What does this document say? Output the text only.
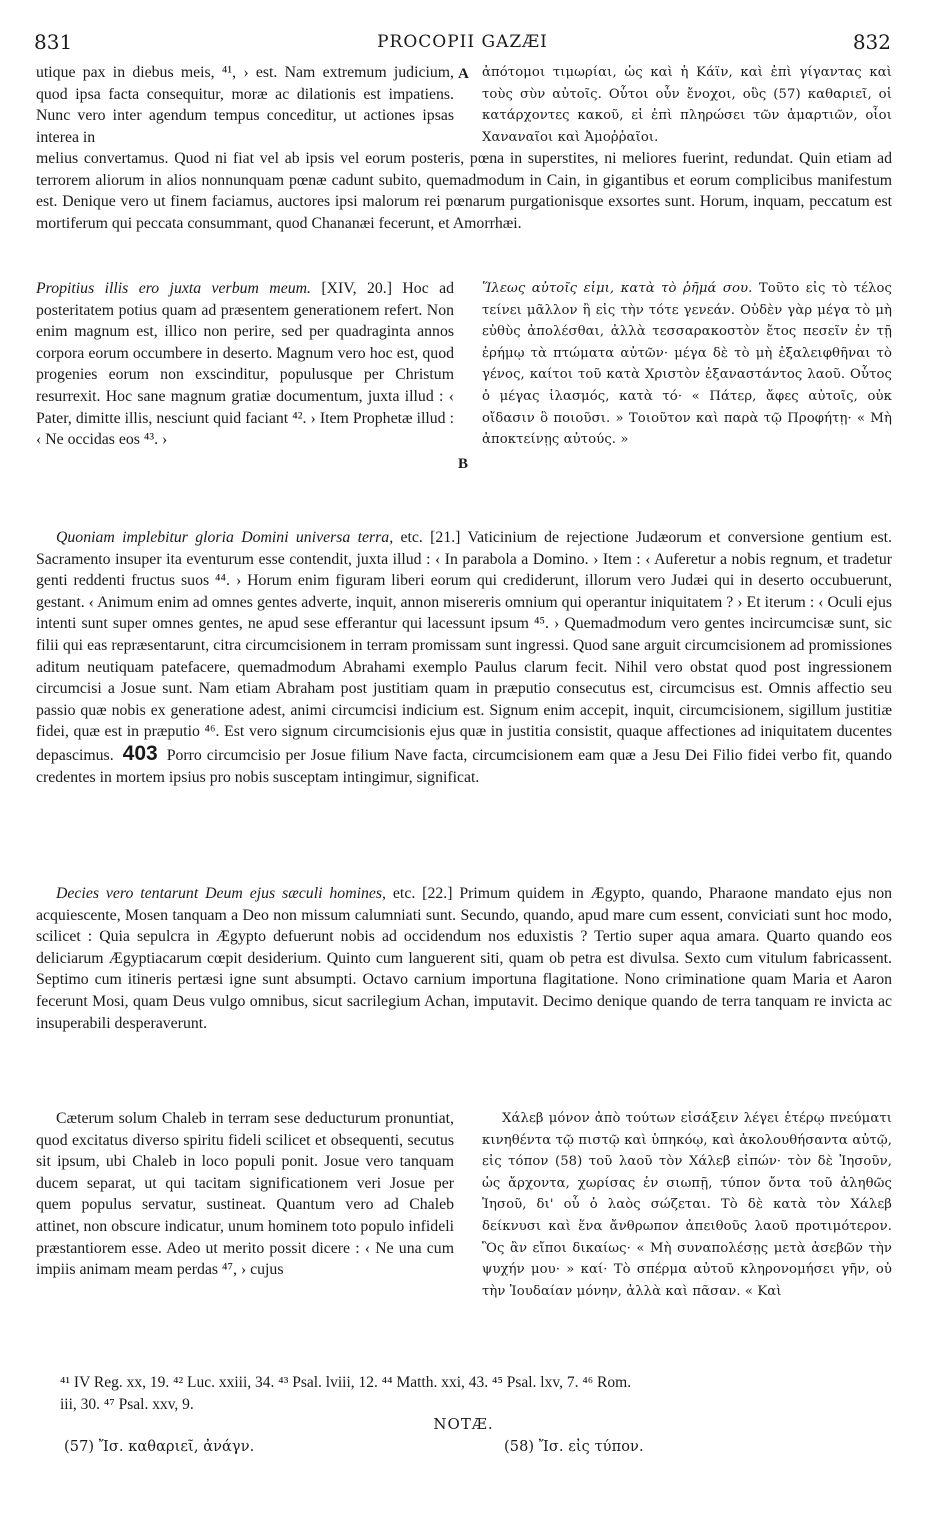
831	PROCOPII GAZÆI	832

utique pax in diebus meis, ⁴¹, › est. Nam extremum judicium, quod ipsa facta consequitur, moræ ac dilationis est impatiens. Nunc vero inter agendum tempus conceditur, ut actiones ipsas interea in

A ἀπότομοι τιμωρίαι, ὡς καὶ ἡ Κάϊν, καὶ ἐπὶ γίγαντας καὶ τοὺς σὺν αὐτοῖς. Οὗτοι οὖν ἔνοχοι, οὓς (57) καθαριεῖ, οἱ κατάρχοντες κακοῦ, εἰ ἐπὶ πληρώσει τῶν ἁμαρτιῶν, οἷοι Χαναναῖοι καὶ Ἀμοῤῥαῖοι.

melius convertamus. Quod ni fiat vel ab ipsis vel eorum posteris, pœna in superstites, ni meliores fuerint, redundat. Quin etiam ad terrorem aliorum in alios nonnunquam pœnæ cadunt subito, quemadmodum in Cain, in gigantibus et eorum complicibus manifestum est. Denique vero ut finem faciamus, auctores ipsi malorum rei pœnarum purgationisque exsortes sunt. Horum, inquam, peccatum est mortiferum qui peccata consummant, quod Chananæi fecerunt, et Amorrhæi.

Propitius illis ero juxta verbum meum. [XIV, 20.] Hoc ad posteritatem potius quam ad præsentem generationem refert. Non enim magnum est, illico non perire, sed per quadraginta annos corpora eorum occumbere in deserto. Magnum vero hoc est, quod progenies eorum non exscinditur, populusque per Christum resurrexit. Hoc sane magnum gratiæ documentum, juxta illud : ‹ Pater, dimitte illis, nesciunt quid faciant ⁴². › Item Prophetæ illud : ‹ Ne occidas eos ⁴³. ›

B

Ἵλεως αὐτοῖς εἰμι, κατὰ τὸ ῥῆμά σου. Τοῦτο εἰς τὸ τέλος τείνει μᾶλλον ἢ εἰς τὴν τότε γενεάν. Οὐδὲν γὰρ μέγα τὸ μὴ εὐθὺς ἀπολέσθαι, ἀλλὰ τεσσαρακοστὸν ἔτος πεσεῖν ἐν τῇ ἐρήμῳ τὰ πτώματα αὐτῶν· μέγα δὲ τὸ μὴ ἐξαλειφθῆναι τὸ γένος, καίτοι τοῦ κατὰ Χριστὸν ἐξαναστάντος λαοῦ. Οὗτος ὁ μέγας ἱλασμός, κατὰ τό· « Πάτερ, ἄφες αὐτοῖς, οὐκ οἴδασιν ὃ ποιοῦσι. » Τοιοῦτον καὶ παρὰ τῷ Προφήτῃ· « Μὴ ἀποκτείνῃς αὐτούς. »

Quoniam implebitur gloria Domini universa terra, etc. [21.] Vaticinium de rejectione Judæorum et conversione gentium est. Sacramento insuper ita eventurum esse contendit, juxta illud : ‹ In parabola a Domino. › Item : ‹ Auferetur a nobis regnum, et tradetur genti reddenti fructus suos ⁴⁴. › Horum enim figuram liberi eorum qui crediderunt, illorum vero Judæi qui in deserto occubuerunt, gestant. ‹ Animum enim ad omnes gentes adverte, inquit, annon misereris omnium qui operantur iniquitatem ? › Et iterum : ‹ Oculi ejus intenti sunt super omnes gentes, ne apud sese efferantur qui lacessunt ipsum ⁴⁵. › Quemadmodum vero gentes incircumcisæ sunt, sic filii qui eas repræsentarunt, citra circumcisionem in terram promissam sunt ingressi. Quod sane arguit circumcisionem ad promissiones aditum neutiquam patefacere, quemadmodum Abrahami exemplo Paulus clarum fecit. Nihil vero obstat quod post ingressionem circumcisi a Josue sunt. Nam etiam Abraham post justitiam quam in præputio consecutus est, circumcisus est. Omnis affectio seu passio quæ nobis ex generatione adest, animi circumcisi indicium est. Signum enim accepit, inquit, circumcisionem, sigillum justitiæ fidei, quæ est in præputio ⁴⁶. Est vero signum circumcisionis ejus quæ in justitia consistit, quaque affectiones ad iniquitatem ducentes depascimus. 403 Porro circumcisio per Josue filium Nave facta, circumcisionem eam quæ a Jesu Dei Filio fidei verbo fit, quando credentes in mortem ipsius pro nobis susceptam intingimur, significat.

Decies vero tentarunt Deum ejus sæculi homines, etc. [22.] Primum quidem in Ægypto, quando, Pharaone mandato ejus non acquiescente, Mosen tanquam a Deo non missum calumniati sunt. Secundo, quando, apud mare cum essent, conviciati sunt hoc modo, scilicet : Quia sepulcra in Ægypto defuerunt nobis ad occidendum nos eduxistis ? Tertio super aqua amara. Quarto quando eos deliciarum Ægyptiacarum cœpit desiderium. Quinto cum languerent siti, quam ob petra est divulsa. Sexto cum vitulum fabricassent. Septimo cum itineris pertæsi igne sunt absumpti. Octavo carnium importuna flagitatione. Nono criminatione quam Maria et Aaron fecerunt Mosi, quam Deus vulgo omnibus, sicut sacrilegium Achan, imputavit. Decimo denique quando de terra tanquam re invicta ac insuperabili desperaverunt.

Cæterum solum Chaleb in terram sese deducturum pronuntiat, quod excitatus diverso spiritu fideli scilicet et obsequenti, secutus sit ipsum, ubi Chaleb in loco populi ponit. Josue vero tanquam ducem separat, ut qui tacitam significationem veri Josue per quem populus servatur, sustineat. Quantum vero ad Chaleb attinet, non obscure indicatur, unum hominem toto populo infideli præstantiorem esse. Adeo ut merito possit dicere : ‹ Ne una cum impiis animam meam perdas ⁴⁷, › cujus

Χάλεβ μόνον ἀπὸ τούτων εἰσάξειν λέγει ἑτέρῳ πνεύματι κινηθέντα τῷ πιστῷ καὶ ὑπηκόῳ, καὶ ἀκολουθήσαντα αὐτῷ, εἰς τόπον (58) τοῦ λαοῦ τὸν Χάλεβ εἰπών· τὸν δὲ Ἰησοῦν, ὡς ἄρχοντα, χωρίσας ἐν σιωπῇ, τύπον ὄντα τοῦ ἀληθῶς Ἰησοῦ, δι' οὗ ὁ λαὸς σώζεται. Τὸ δὲ κατὰ τὸν Χάλεβ δείκνυσι καὶ ἕνα ἄνθρωπον ἀπειθοῦς λαοῦ προτιμότερον. Ὃς ἂν εἴποι δικαίως· « Μὴ συναπολέσῃς μετὰ ἀσεβῶν τὴν ψυχήν μου· » καί· Τὸ σπέρμα αὐτοῦ κληρονομήσει γῆν, οὐ τὴν Ἰουδαίαν μόνην, ἀλλὰ καὶ πᾶσαν. « Καὶ

⁴¹ IV Reg. xx, 19. ⁴² Luc. xxiii, 34. ⁴³ Psal. lviii, 12. ⁴⁴ Matth. xxi, 43. ⁴⁵ Psal. lxv, 7. ⁴⁶ Rom.
iii, 30. ⁴⁷ Psal. xxv, 9.
NOTÆ.
(57) Ἴσ. καθαριεῖ, ἀνάγν.	(58) Ἴσ. εἰς τύπον.
